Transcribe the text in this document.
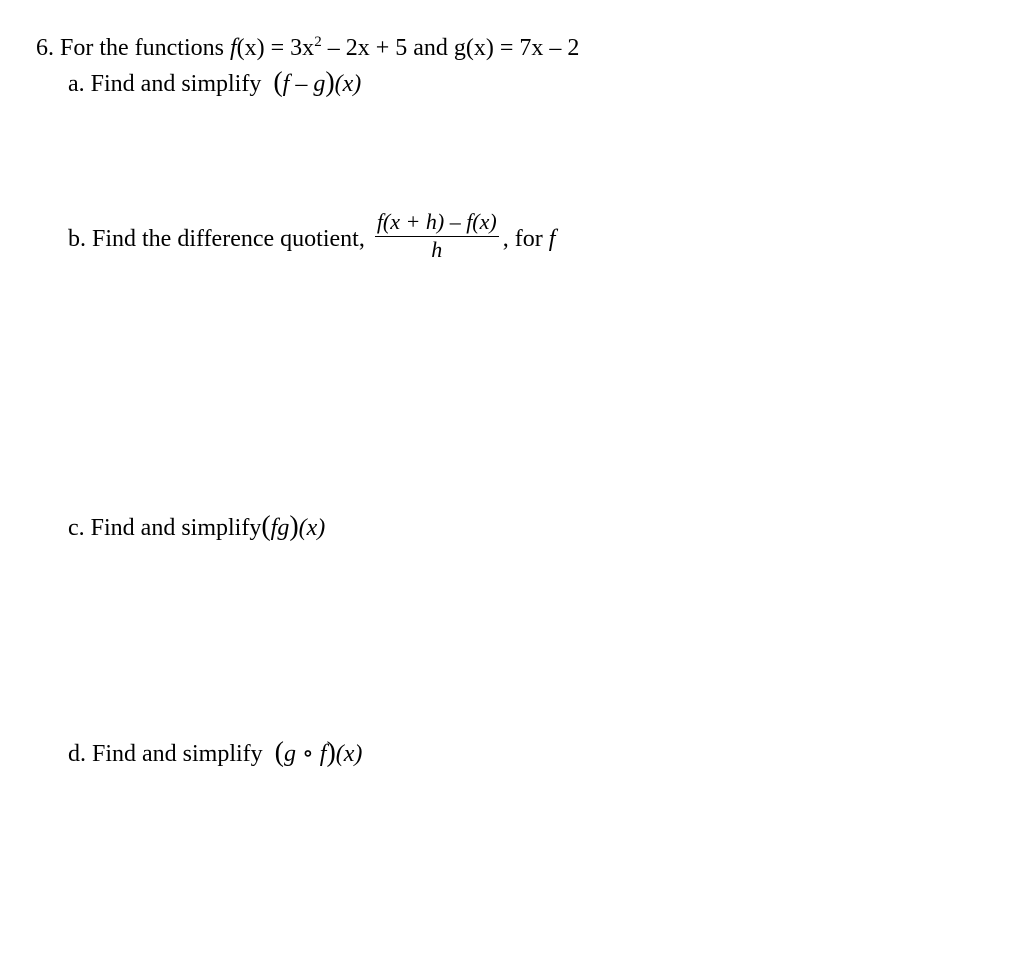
6. For the functions $f(x) = 3x^2 - 2x + 5$ and g(x) = 7x – 2
a. Find and simplify (f – g)(x)
b. Find the difference quotient, $\frac{f(x + h) - f(x)}{h}$ , for f
c. Find and simplify(fg)(x)
d. Find and simplify (g ∘ f)(x)
